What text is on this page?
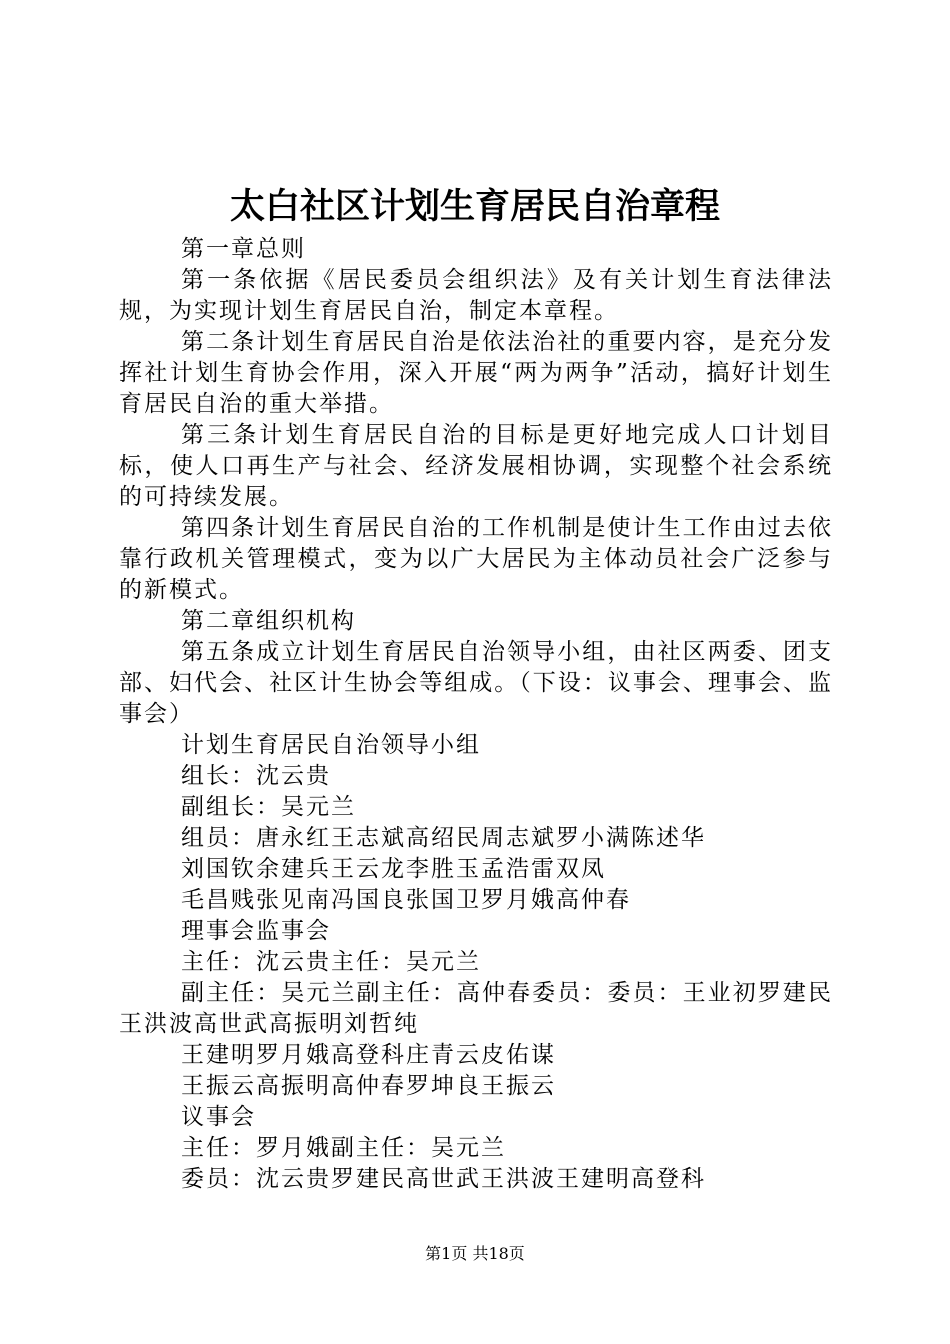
太白社区计划生育居民自治章程

第一章总则

第一条依据《居民委员会组织法》及有关计划生育法律法规，为实现计划生育居民自治，制定本章程。

第二条计划生育居民自治是依法治社的重要内容，是充分发挥社计划生育协会作用，深入开展“两为两争”活动，搞好计划生育居民自治的重大举措。

第三条计划生育居民自治的目标是更好地完成人口计划目标，使人口再生产与社会、经济发展相协调，实现整个社会系统的可持续发展。

第四条计划生育居民自治的工作机制是使计生工作由过去依靠行政机关管理模式，变为以广大居民为主体动员社会广泛参与的新模式。

第二章组织机构

第五条成立计划生育居民自治领导小组，由社区两委、团支部、妇代会、社区计生协会等组成。（下设：议事会、理事会、监事会）

计划生育居民自治领导小组

组长：沈云贵

副组长：吴元兰

组员：唐永红王志斌高绍民周志斌罗小满陈述华

刘国钦余建兵王云龙李胜玉孟浩雷双凤

毛昌贱张见南冯国良张国卫罗月娥高仲春

理事会监事会

主任：沈云贵主任：吴元兰

副主任：吴元兰副主任：高仲春委员：委员：王业初罗建民王洪波高世武高振明刘哲纯

王建明罗月娥高登科庄青云皮佑谋

王振云高振明高仲春罗坤良王振云

议事会

主任：罗月娥副主任：吴元兰

委员：沈云贵罗建民高世武王洪波王建明高登科

第1页 共18页
